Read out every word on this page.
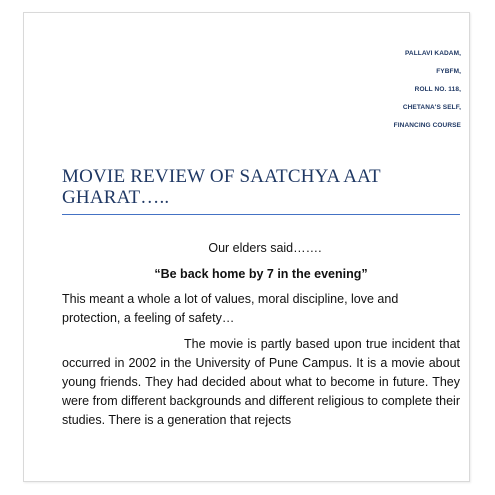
PALLAVI KADAM,
FYBFM,
ROLL NO. 118,
CHETANA'S SELF,
FINANCING COURSE
MOVIE REVIEW OF SAATCHYA AAT GHARAT…..

Our elders said…….

“Be back home by 7 in the evening”

This meant a whole a lot of values, moral discipline, love and protection, a feeling of safety…

The movie is partly based upon true incident that occurred in 2002 in the University of Pune Campus. It is a movie about young friends. They had decided about what to become in future. They were from different backgrounds and different religious to complete their studies. There is a generation that rejects
